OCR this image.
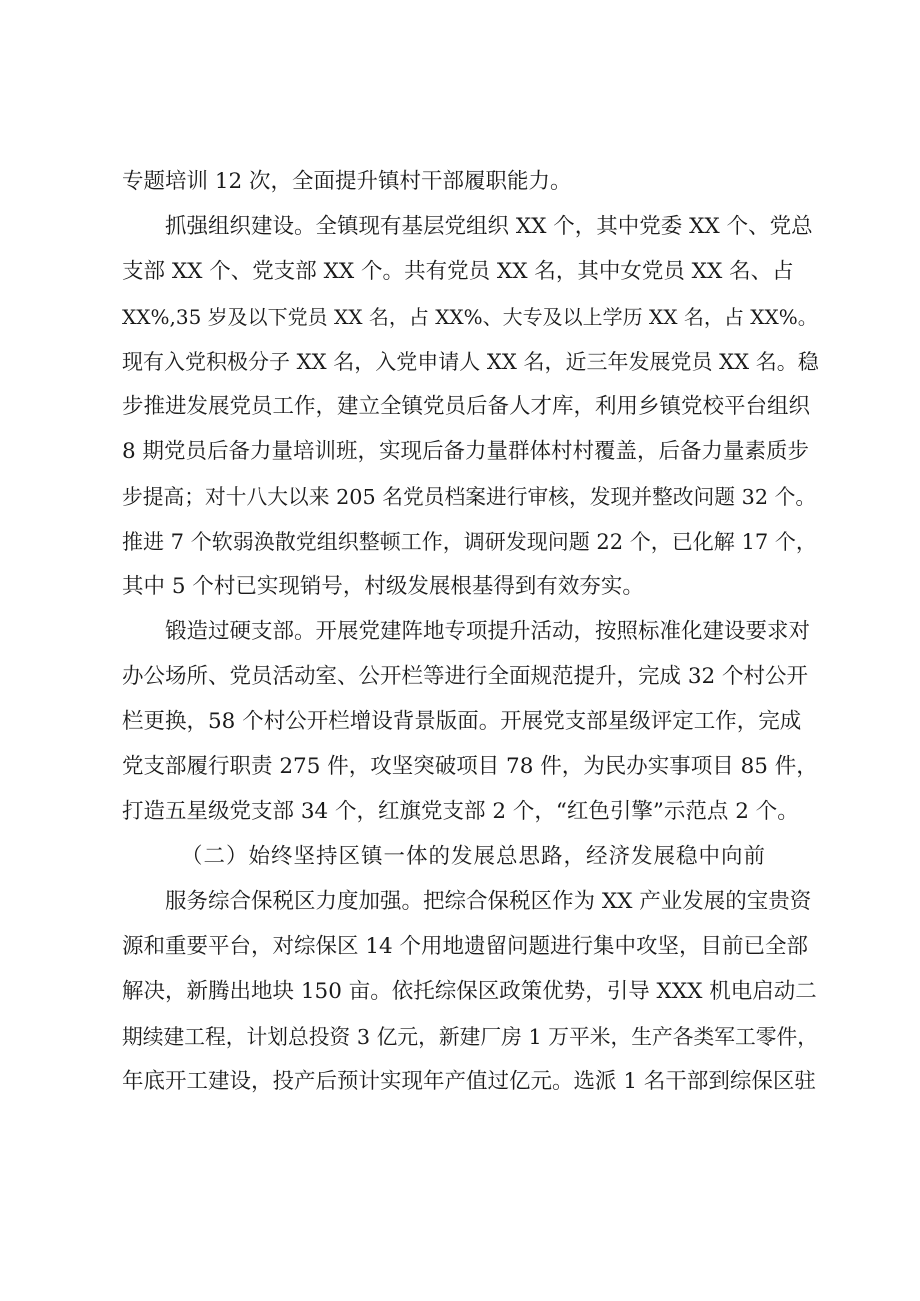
专题培训 12 次，全面提升镇村干部履职能力。
抓强组织建设。全镇现有基层党组织 XX 个，其中党委 XX 个、党总
支部 XX 个、党支部 XX 个。共有党员 XX 名，其中女党员 XX 名、占
XX%,35 岁及以下党员 XX 名，占 XX%、大专及以上学历 XX 名，占 XX%。
现有入党积极分子 XX 名，入党申请人 XX 名，近三年发展党员 XX 名。稳
步推进发展党员工作，建立全镇党员后备人才库，利用乡镇党校平台组织
8 期党员后备力量培训班，实现后备力量群体村村覆盖，后备力量素质步
步提高；对十八大以来 205 名党员档案进行审核，发现并整改问题 32 个。
推进 7 个软弱涣散党组织整顿工作，调研发现问题 22 个，已化解 17 个，
其中 5 个村已实现销号，村级发展根基得到有效夯实。
锻造过硬支部。开展党建阵地专项提升活动，按照标准化建设要求对
办公场所、党员活动室、公开栏等进行全面规范提升，完成 32 个村公开
栏更换，58 个村公开栏增设背景版面。开展党支部星级评定工作，完成
党支部履行职责 275 件，攻坚突破项目 78 件，为民办实事项目 85 件，
打造五星级党支部 34 个，红旗党支部 2 个，“红色引擎”示范点 2 个。
（二）始终坚持区镇一体的发展总思路，经济发展稳中向前
服务综合保税区力度加强。把综合保税区作为 XX 产业发展的宝贵资
源和重要平台，对综保区 14 个用地遗留问题进行集中攻坚，目前已全部
解决，新腾出地块 150 亩。依托综保区政策优势，引导 XXX 机电启动二
期续建工程，计划总投资 3 亿元，新建厂房 1 万平米，生产各类军工零件，
年底开工建设，投产后预计实现年产值过亿元。选派 1 名干部到综保区驻
